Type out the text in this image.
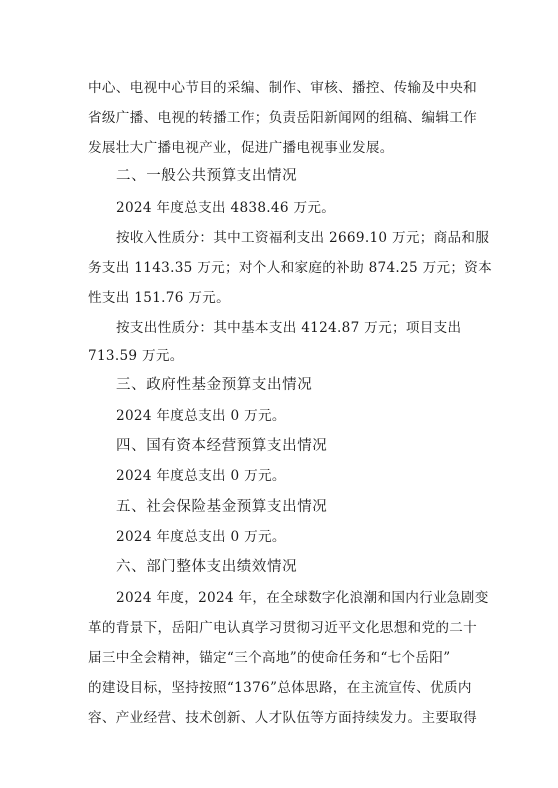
中心、电视中心节目的采编、制作、审核、播控、传输及中央和
省级广播、电视的转播工作；负责岳阳新闻网的组稿、编辑工作
发展壮大广播电视产业，促进广播电视事业发展。
二、一般公共预算支出情况
2024 年度总支出 4838.46 万元。
按收入性质分：其中工资福利支出 2669.10 万元；商品和服
务支出 1143.35 万元；对个人和家庭的补助 874.25 万元；资本
性支出 151.76 万元。
按支出性质分：其中基本支出 4124.87 万元；项目支出
713.59 万元。
三、政府性基金预算支出情况
2024 年度总支出 0 万元。
四、国有资本经营预算支出情况
2024 年度总支出 0 万元。
五、社会保险基金预算支出情况
2024 年度总支出 0 万元。
六、部门整体支出绩效情况
2024 年度，2024 年，在全球数字化浪潮和国内行业急剧变
革的背景下，岳阳广电认真学习贯彻习近平文化思想和党的二十
届三中全会精神，锚定“三个高地”的使命任务和“七个岳阳”
的建设目标，坚持按照“1376”总体思路，在主流宣传、优质内
容、产业经营、技术创新、人才队伍等方面持续发力。主要取得
